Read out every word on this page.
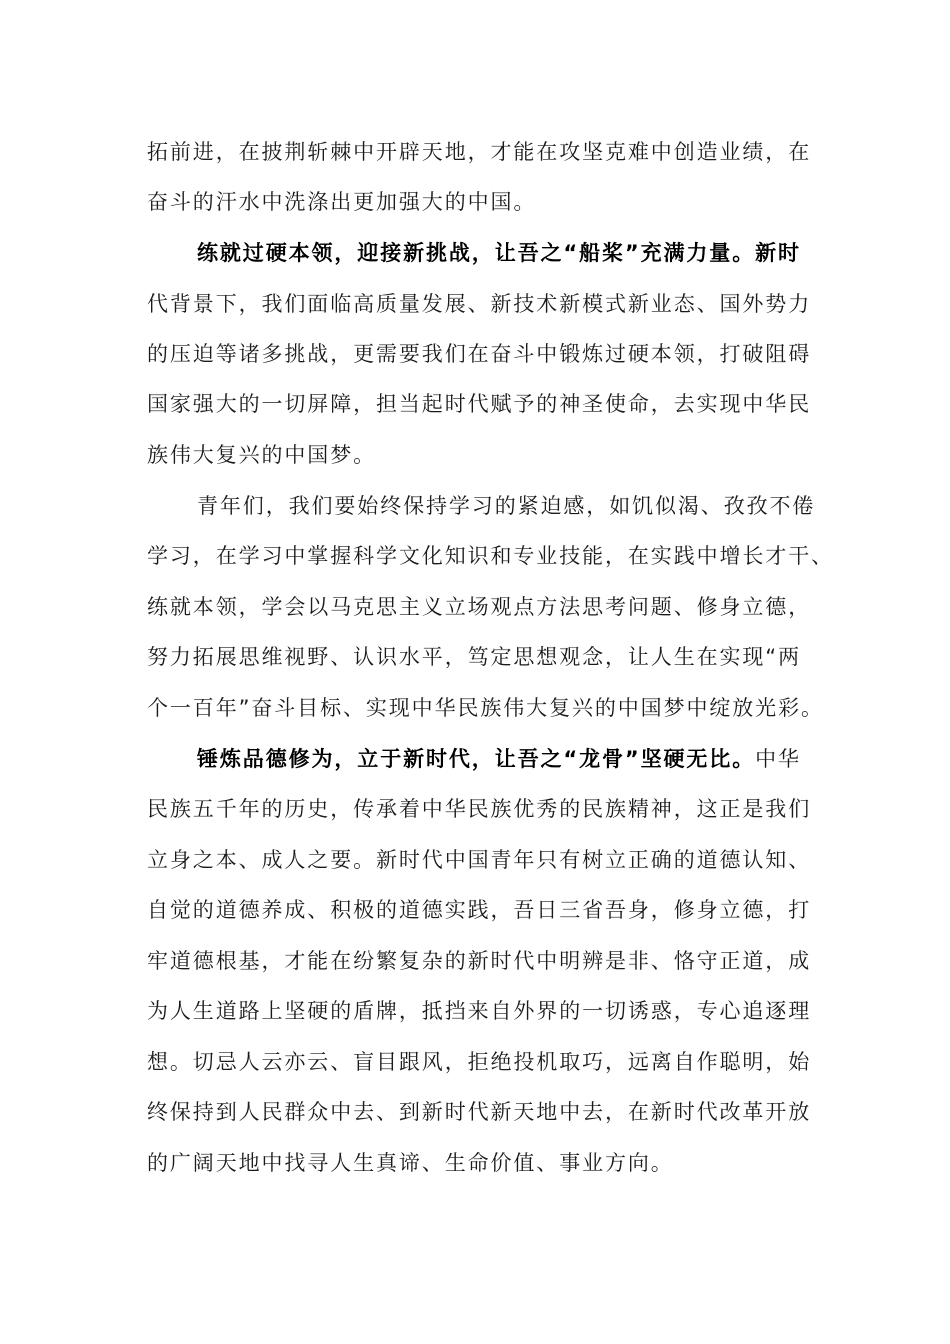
拓前进，在披荆斩棘中开辟天地，才能在攻坚克难中创造业绩，在
奋斗的汗水中洗涤出更加强大的中国。
练就过硬本领，迎接新挑战，让吾之“船桨”充满力量。新时
代背景下，我们面临高质量发展、新技术新模式新业态、国外势力
的压迫等诸多挑战，更需要我们在奋斗中锻炼过硬本领，打破阻碍
国家强大的一切屏障，担当起时代赋予的神圣使命，去实现中华民
族伟大复兴的中国梦。
青年们，我们要始终保持学习的紧迫感，如饥似渴、孜孜不倦
学习，在学习中掌握科学文化知识和专业技能，在实践中增长才干、
练就本领，学会以马克思主义立场观点方法思考问题、修身立德，
努力拓展思维视野、认识水平，笃定思想观念，让人生在实现“两
个一百年”奋斗目标、实现中华民族伟大复兴的中国梦中绽放光彩。
锤炼品德修为，立于新时代，让吾之“龙骨”坚硬无比。中华
民族五千年的历史，传承着中华民族优秀的民族精神，这正是我们
立身之本、成人之要。新时代中国青年只有树立正确的道德认知、
自觉的道德养成、积极的道德实践，吾日三省吾身，修身立德，打
牢道德根基，才能在纷繁复杂的新时代中明辨是非、恪守正道，成
为人生道路上坚硬的盾牌，抵挡来自外界的一切诱惑，专心追逐理
想。切忌人云亦云、盲目跟风，拒绝投机取巧，远离自作聪明，始
终保持到人民群众中去、到新时代新天地中去，在新时代改革开放
的广阔天地中找寻人生真谛、生命价值、事业方向。
